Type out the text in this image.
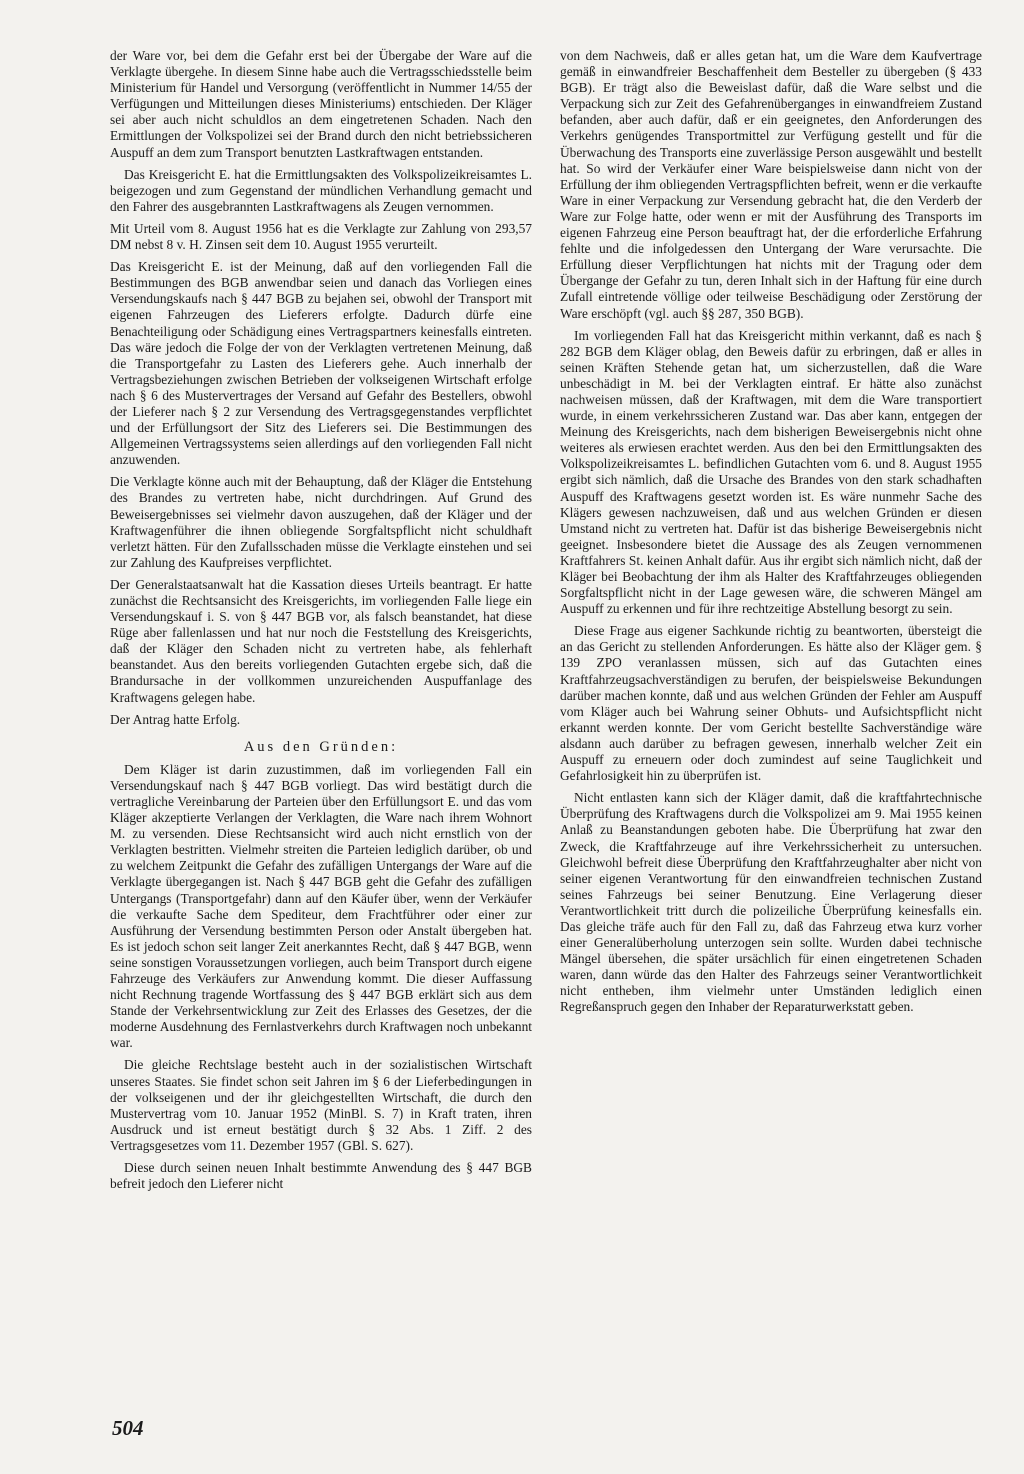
der Ware vor, bei dem die Gefahr erst bei der Übergabe der Ware auf die Verklagte übergehe. In diesem Sinne habe auch die Vertragsschiedsstelle beim Ministerium für Handel und Versorgung (veröffentlicht in Nummer 14/55 der Verfügungen und Mitteilungen dieses Ministeriums) entschieden. Der Kläger sei aber auch nicht schuldlos an dem eingetretenen Schaden. Nach den Ermittlungen der Volkspolizei sei der Brand durch den nicht betriebssicheren Auspuff an dem zum Transport benutzten Lastkraftwagen entstanden.

Das Kreisgericht E. hat die Ermittlungsakten des Volkspolizeikreisamtes L. beigezogen und zum Gegenstand der mündlichen Verhandlung gemacht und den Fahrer des ausgebrannten Lastkraftwagens als Zeugen vernommen.

Mit Urteil vom 8. August 1956 hat es die Verklagte zur Zahlung von 293,57 DM nebst 8 v. H. Zinsen seit dem 10. August 1955 verurteilt.

Das Kreisgericht E. ist der Meinung, daß auf den vorliegenden Fall die Bestimmungen des BGB anwendbar seien und danach das Vorliegen eines Versendungskaufs nach § 447 BGB zu bejahen sei, obwohl der Transport mit eigenen Fahrzeugen des Lieferers erfolgte. Dadurch dürfe eine Benachteiligung oder Schädigung eines Vertragspartners keinesfalls eintreten. Das wäre jedoch die Folge der von der Verklagten vertretenen Meinung, daß die Transportgefahr zu Lasten des Lieferers gehe. Auch innerhalb der Vertragsbeziehungen zwischen Betrieben der volkseigenen Wirtschaft erfolge nach § 6 des Mustervertrages der Versand auf Gefahr des Bestellers, obwohl der Lieferer nach § 2 zur Versendung des Vertragsgegenstandes verpflichtet und der Erfüllungsort der Sitz des Lieferers sei. Die Bestimmungen des Allgemeinen Vertragssystems seien allerdings auf den vorliegenden Fall nicht anzuwenden.

Die Verklagte könne auch mit der Behauptung, daß der Kläger die Entstehung des Brandes zu vertreten habe, nicht durchdringen. Auf Grund des Beweisergebnisses sei vielmehr davon auszugehen, daß der Kläger und der Kraftwagenführer die ihnen obliegende Sorgfaltspflicht nicht schuldhaft verletzt hätten. Für den Zufallsschaden müsse die Verklagte einstehen und sei zur Zahlung des Kaufpreises verpflichtet.

Der Generalstaatsanwalt hat die Kassation dieses Urteils beantragt. Er hatte zunächst die Rechtsansicht des Kreisgerichts, im vorliegenden Falle liege ein Versendungskauf i. S. von § 447 BGB vor, als falsch beanstandet, hat diese Rüge aber fallenlassen und hat nur noch die Feststellung des Kreisgerichts, daß der Kläger den Schaden nicht zu vertreten habe, als fehlerhaft beanstandet. Aus den bereits vorliegenden Gutachten ergebe sich, daß die Brandursache in der vollkommen unzureichenden Auspuffanlage des Kraftwagens gelegen habe.

Der Antrag hatte Erfolg.

Aus den Gründen:

Dem Kläger ist darin zuzustimmen, daß im vorliegenden Fall ein Versendungskauf nach § 447 BGB vorliegt. Das wird bestätigt durch die vertragliche Vereinbarung der Parteien über den Erfüllungsort E. und das vom Kläger akzeptierte Verlangen der Verklagten, die Ware nach ihrem Wohnort M. zu versenden. Diese Rechtsansicht wird auch nicht ernstlich von der Verklagten bestritten. Vielmehr streiten die Parteien lediglich darüber, ob und zu welchem Zeitpunkt die Gefahr des zufälligen Untergangs der Ware auf die Verklagte übergegangen ist. Nach § 447 BGB geht die Gefahr des zufälligen Untergangs (Transportgefahr) dann auf den Käufer über, wenn der Verkäufer die verkaufte Sache dem Spediteur, dem Frachtführer oder einer zur Ausführung der Versendung bestimmten Person oder Anstalt übergeben hat. Es ist jedoch schon seit langer Zeit anerkanntes Recht, daß § 447 BGB, wenn seine sonstigen Voraussetzungen vorliegen, auch beim Transport durch eigene Fahrzeuge des Verkäufers zur Anwendung kommt. Die dieser Auffassung nicht Rechnung tragende Wortfassung des § 447 BGB erklärt sich aus dem Stande der Verkehrsentwicklung zur Zeit des Erlasses des Gesetzes, der die moderne Ausdehnung des Fernlastverkehrs durch Kraftwagen noch unbekannt war.

Die gleiche Rechtslage besteht auch in der sozialistischen Wirtschaft unseres Staates. Sie findet schon seit Jahren im § 6 der Lieferbedingungen in der volkseigenen und der ihr gleichgestellten Wirtschaft, die durch den Mustervertrag vom 10. Januar 1952 (MinBl. S. 7) in Kraft traten, ihren Ausdruck und ist erneut bestätigt durch § 32 Abs. 1 Ziff. 2 des Vertragsgesetzes vom 11. Dezember 1957 (GBl. S. 627).

Diese durch seinen neuen Inhalt bestimmte Anwendung des § 447 BGB befreit jedoch den Lieferer nicht

von dem Nachweis, daß er alles getan hat, um die Ware dem Kaufvertrage gemäß in einwandfreier Beschaffenheit dem Besteller zu übergeben (§ 433 BGB). Er trägt also die Beweislast dafür, daß die Ware selbst und die Verpackung sich zur Zeit des Gefahrenüberganges in einwandfreiem Zustand befanden, aber auch dafür, daß er ein geeignetes, den Anforderungen des Verkehrs genügendes Transportmittel zur Verfügung gestellt und für die Überwachung des Transports eine zuverlässige Person ausgewählt und bestellt hat. So wird der Verkäufer einer Ware beispielsweise dann nicht von der Erfüllung der ihm obliegenden Vertragspflichten befreit, wenn er die verkaufte Ware in einer Verpackung zur Versendung gebracht hat, die den Verderb der Ware zur Folge hatte, oder wenn er mit der Ausführung des Transports im eigenen Fahrzeug eine Person beauftragt hat, der die erforderliche Erfahrung fehlte und die infolgedessen den Untergang der Ware verursachte. Die Erfüllung dieser Verpflichtungen hat nichts mit der Tragung oder dem Übergange der Gefahr zu tun, deren Inhalt sich in der Haftung für eine durch Zufall eintretende völlige oder teilweise Beschädigung oder Zerstörung der Ware erschöpft (vgl. auch §§ 287, 350 BGB).

Im vorliegenden Fall hat das Kreisgericht mithin verkannt, daß es nach § 282 BGB dem Kläger oblag, den Beweis dafür zu erbringen, daß er alles in seinen Kräften Stehende getan hat, um sicherzustellen, daß die Ware unbeschädigt in M. bei der Verklagten eintraf. Er hätte also zunächst nachweisen müssen, daß der Kraftwagen, mit dem die Ware transportiert wurde, in einem verkehrssicheren Zustand war. Das aber kann, entgegen der Meinung des Kreisgerichts, nach dem bisherigen Beweisergebnis nicht ohne weiteres als erwiesen erachtet werden. Aus den bei den Ermittlungsakten des Volkspolizeikreisamtes L. befindlichen Gutachten vom 6. und 8. August 1955 ergibt sich nämlich, daß die Ursache des Brandes von den stark schadhaften Auspuff des Kraftwagens gesetzt worden ist. Es wäre nunmehr Sache des Klägers gewesen nachzuweisen, daß und aus welchen Gründen er diesen Umstand nicht zu vertreten hat. Dafür ist das bisherige Beweisergebnis nicht geeignet. Insbesondere bietet die Aussage des als Zeugen vernommenen Kraftfahrers St. keinen Anhalt dafür. Aus ihr ergibt sich nämlich nicht, daß der Kläger bei Beobachtung der ihm als Halter des Kraftfahrzeuges obliegenden Sorgfaltspflicht nicht in der Lage gewesen wäre, die schweren Mängel am Auspuff zu erkennen und für ihre rechtzeitige Abstellung besorgt zu sein.

Diese Frage aus eigener Sachkunde richtig zu beantworten, übersteigt die an das Gericht zu stellenden Anforderungen. Es hätte also der Kläger gem. § 139 ZPO veranlassen müssen, sich auf das Gutachten eines Kraftfahrzeugsachverständigen zu berufen, der beispielsweise Bekundungen darüber machen konnte, daß und aus welchen Gründen der Fehler am Auspuff vom Kläger auch bei Wahrung seiner Obhuts- und Aufsichtspflicht nicht erkannt werden konnte. Der vom Gericht bestellte Sachverständige wäre alsdann auch darüber zu befragen gewesen, innerhalb welcher Zeit ein Auspuff zu erneuern oder doch zumindest auf seine Tauglichkeit und Gefahrlosigkeit hin zu überprüfen ist.

Nicht entlasten kann sich der Kläger damit, daß die kraftfahrtechnische Überprüfung des Kraftwagens durch die Volkspolizei am 9. Mai 1955 keinen Anlaß zu Beanstandungen geboten habe. Die Überprüfung hat zwar den Zweck, die Kraftfahrzeuge auf ihre Verkehrssicherheit zu untersuchen. Gleichwohl befreit diese Überprüfung den Kraftfahrzeughalter aber nicht von seiner eigenen Verantwortung für den einwandfreien technischen Zustand seines Fahrzeugs bei seiner Benutzung. Eine Verlagerung dieser Verantwortlichkeit tritt durch die polizeiliche Überprüfung keinesfalls ein. Das gleiche träfe auch für den Fall zu, daß das Fahrzeug etwa kurz vorher einer Generalüberholung unterzogen sein sollte. Wurden dabei technische Mängel übersehen, die später ursächlich für einen eingetretenen Schaden waren, dann würde das den Halter des Fahrzeugs seiner Verantwortlichkeit nicht entheben, ihm vielmehr unter Umständen lediglich einen Regreßanspruch gegen den Inhaber der Reparaturwerkstatt geben.

504
